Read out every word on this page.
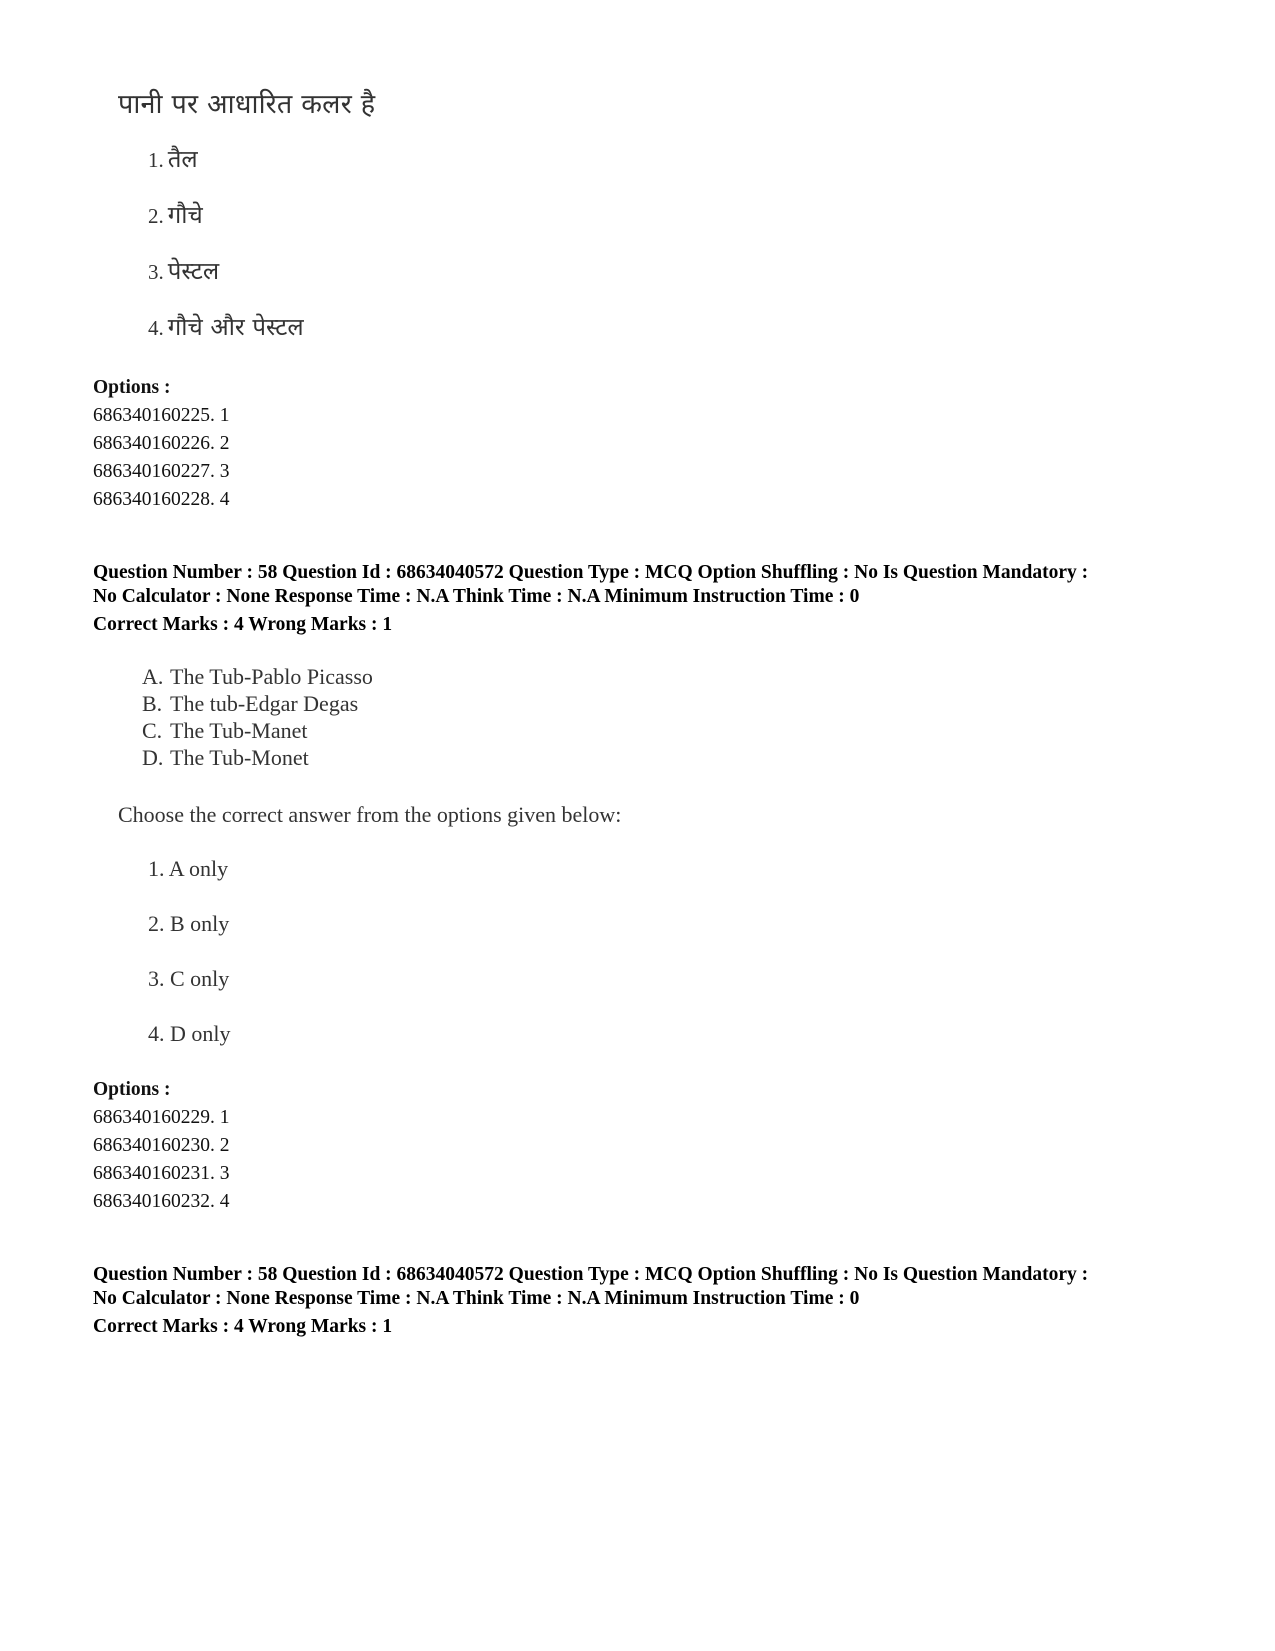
पानी पर आधारित कलर है
1. तैल
2. गौचे
3. पेस्टल
4. गौचे और पेस्टल
Options :
686340160225. 1
686340160226. 2
686340160227. 3
686340160228. 4
Question Number : 58 Question Id : 68634040572 Question Type : MCQ Option Shuffling : No Is Question Mandatory :
No Calculator : None Response Time : N.A Think Time : N.A Minimum Instruction Time : 0
Correct Marks : 4 Wrong Marks : 1
A. The Tub-Pablo Picasso
B. The tub-Edgar Degas
C. The Tub-Manet
D. The Tub-Monet
Choose the correct answer from the options given below:
1. A only
2. B only
3. C only
4. D only
Options :
686340160229. 1
686340160230. 2
686340160231. 3
686340160232. 4
Question Number : 58 Question Id : 68634040572 Question Type : MCQ Option Shuffling : No Is Question Mandatory :
No Calculator : None Response Time : N.A Think Time : N.A Minimum Instruction Time : 0
Correct Marks : 4 Wrong Marks : 1
